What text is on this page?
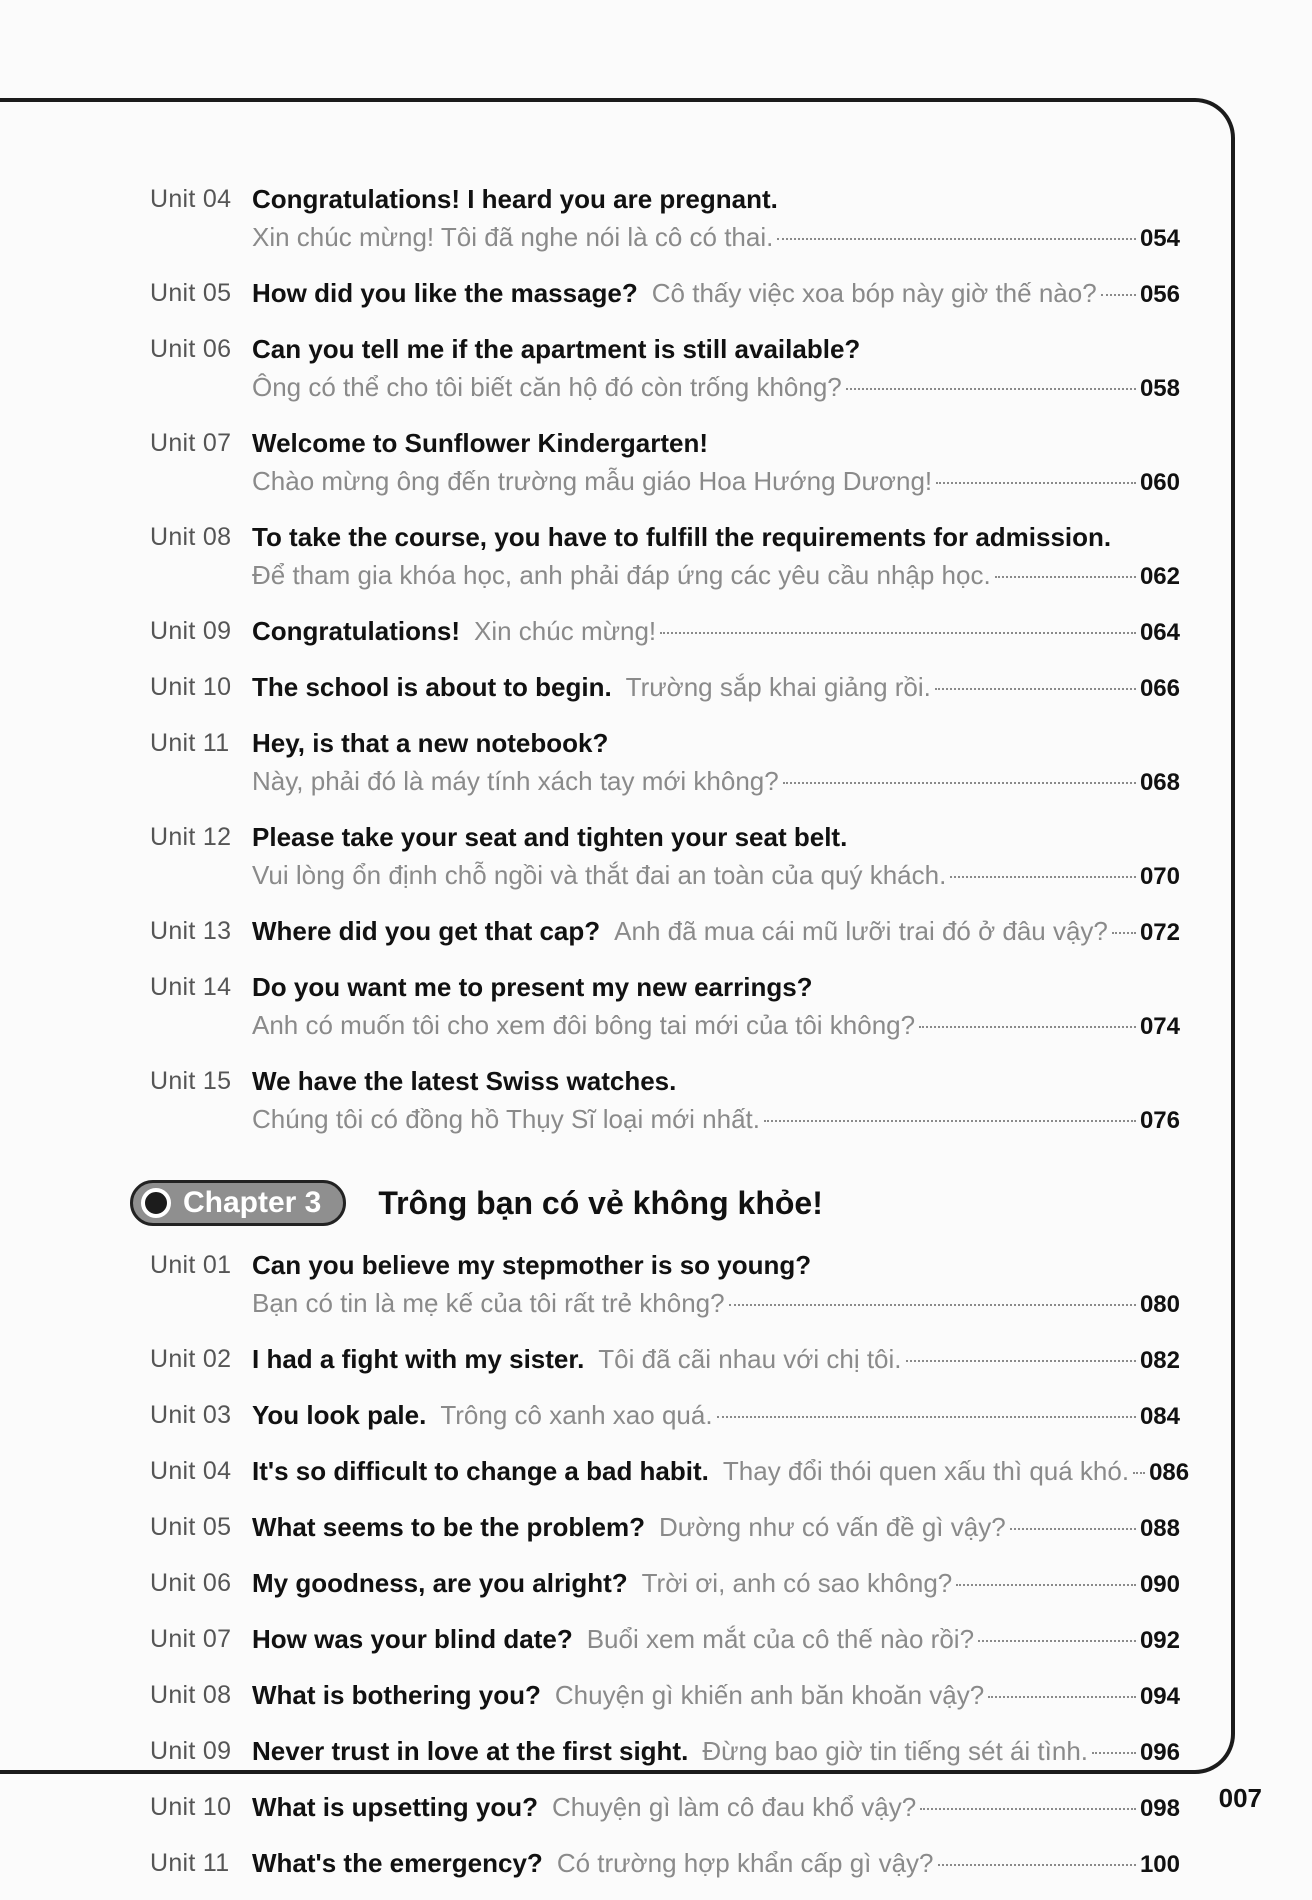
Unit 04 Congratulations! I heard you are pregnant.
Xin chúc mừng! Tôi đã nghe nói là cô có thai.	054
Unit 05 How did you like the massage? Cô thấy việc xoa bóp này giờ thế nào? 056
Unit 06 Can you tell me if the apartment is still available?
Ông có thể cho tôi biết căn hộ đó còn trống không?	058
Unit 07 Welcome to Sunflower Kindergarten!
Chào mừng ông đến trường mẫu giáo Hoa Hướng Dương!	060
Unit 08 To take the course, you have to fulfill the requirements for admission.
Để tham gia khóa học, anh phải đáp ứng các yêu cầu nhập học.	062
Unit 09 Congratulations! Xin chúc mừng!	064
Unit 10 The school is about to begin. Trường sắp khai giảng rồi.	066
Unit 11 Hey, is that a new notebook?
Này, phải đó là máy tính xách tay mới không?	068
Unit 12 Please take your seat and tighten your seat belt.
Vui lòng ổn định chỗ ngồi và thắt đai an toàn của quý khách.	070
Unit 13 Where did you get that cap? Anh đã mua cái mũ lưỡi trai đó ở đâu vậy? 072
Unit 14 Do you want me to present my new earrings?
Anh có muốn tôi cho xem đôi bông tai mới của tôi không?	074
Unit 15 We have the latest Swiss watches.
Chúng tôi có đồng hồ Thụy Sĩ loại mới nhất.	076
Chapter 3 Trông bạn có vẻ không khỏe!
Unit 01 Can you believe my stepmother is so young?
Bạn có tin là mẹ kế của tôi rất trẻ không?	080
Unit 02 I had a fight with my sister. Tôi đã cãi nhau với chị tôi.	082
Unit 03 You look pale. Trông cô xanh xao quá.	084
Unit 04 It's so difficult to change a bad habit. Thay đổi thói quen xấu thì quá khó. 086
Unit 05 What seems to be the problem? Dường như có vấn đề gì vậy?	088
Unit 06 My goodness, are you alright? Trời ơi, anh có sao không?	090
Unit 07 How was your blind date? Buổi xem mắt của cô thế nào rồi?	092
Unit 08 What is bothering you? Chuyện gì khiến anh băn khoăn vậy?	094
Unit 09 Never trust in love at the first sight. Đừng bao giờ tin tiếng sét ái tình. 096
Unit 10 What is upsetting you? Chuyện gì làm cô đau khổ vậy?	098
Unit 11 What's the emergency? Có trường hợp khẩn cấp gì vậy?	100
007
